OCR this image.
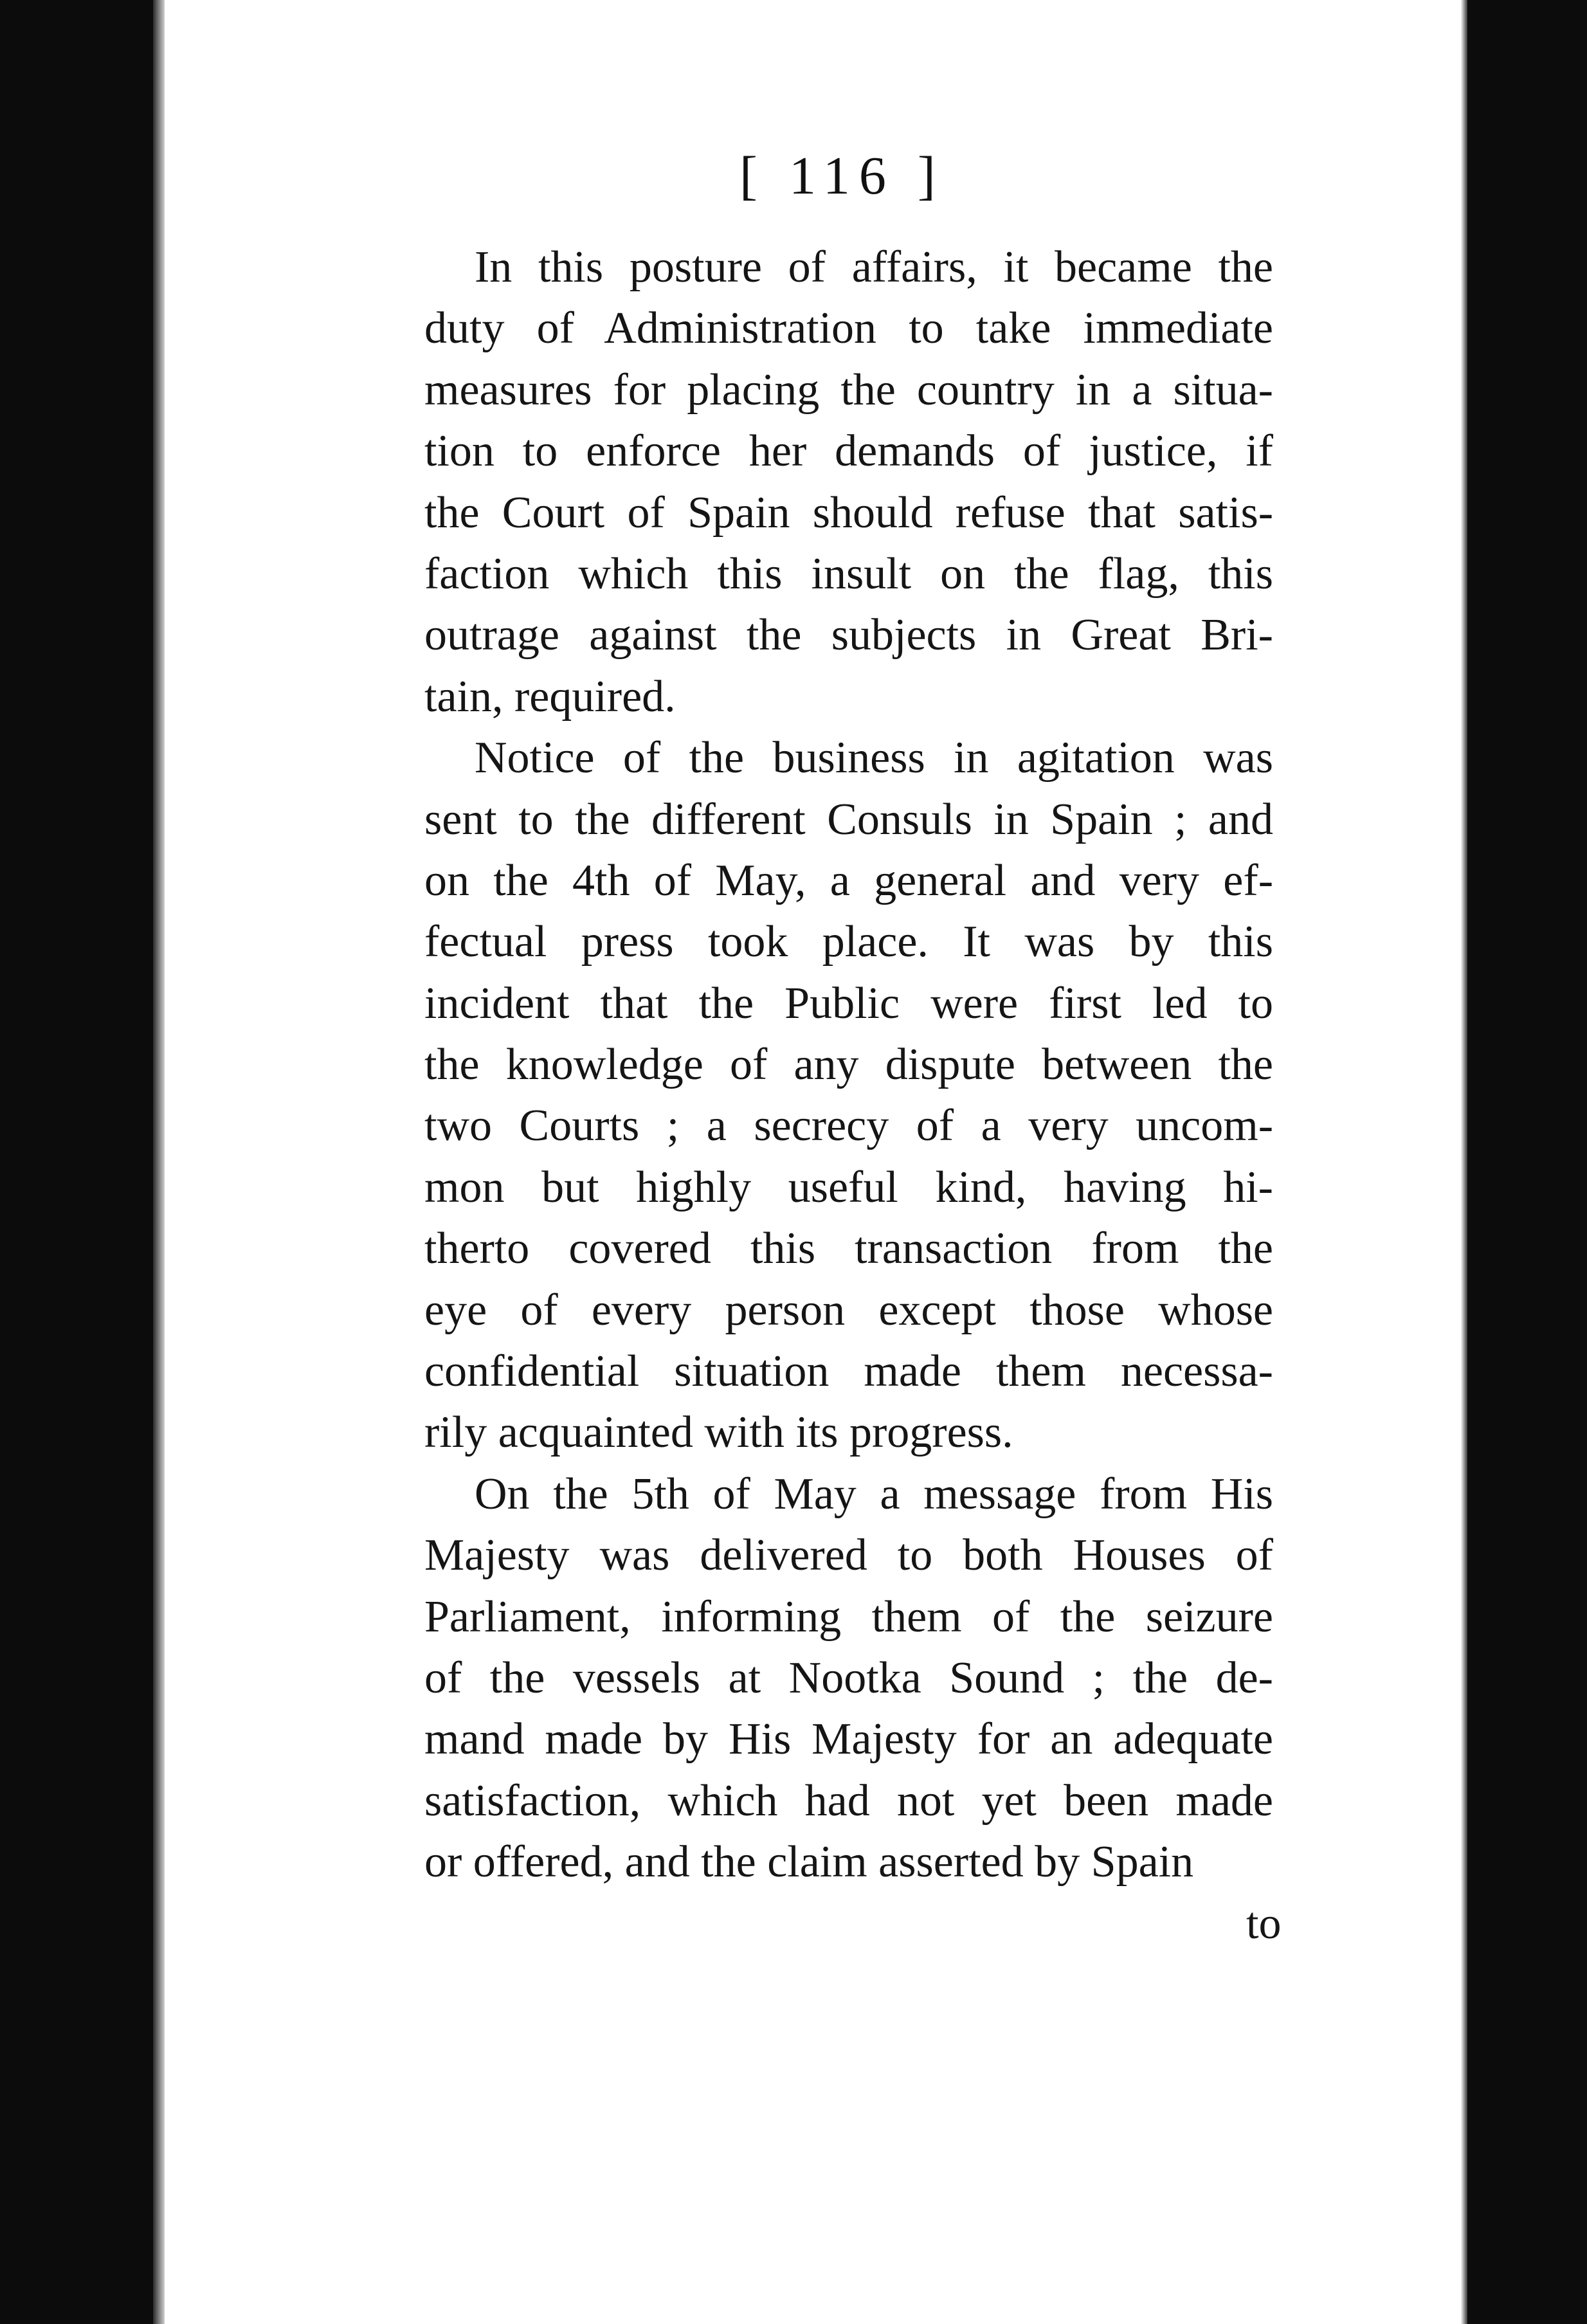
[ 116 ]
In this posture of affairs, it became the
duty of Administration to take immediate
measures for placing the country in a situa-
tion to enforce her demands of justice, if
the Court of Spain should refuse that satis-
faction which this insult on the flag, this
outrage against the subjects in Great Bri-
tain, required.
Notice of the business in agitation was
sent to the different Consuls in Spain ; and
on the 4th of May, a general and very ef-
fectual press took place. It was by this
incident that the Public were first led to
the knowledge of any dispute between the
two Courts ; a secrecy of a very uncom-
mon but highly useful kind, having hi-
therto covered this transaction from the
eye of every person except those whose
confidential situation made them necessa-
rily acquainted with its progress.
On the 5th of May a message from His
Majesty was delivered to both Houses of
Parliament, informing them of the seizure
of the vessels at Nootka Sound ; the de-
mand made by His Majesty for an adequate
satisfaction, which had not yet been made
or offered, and the claim asserted by Spain
to
